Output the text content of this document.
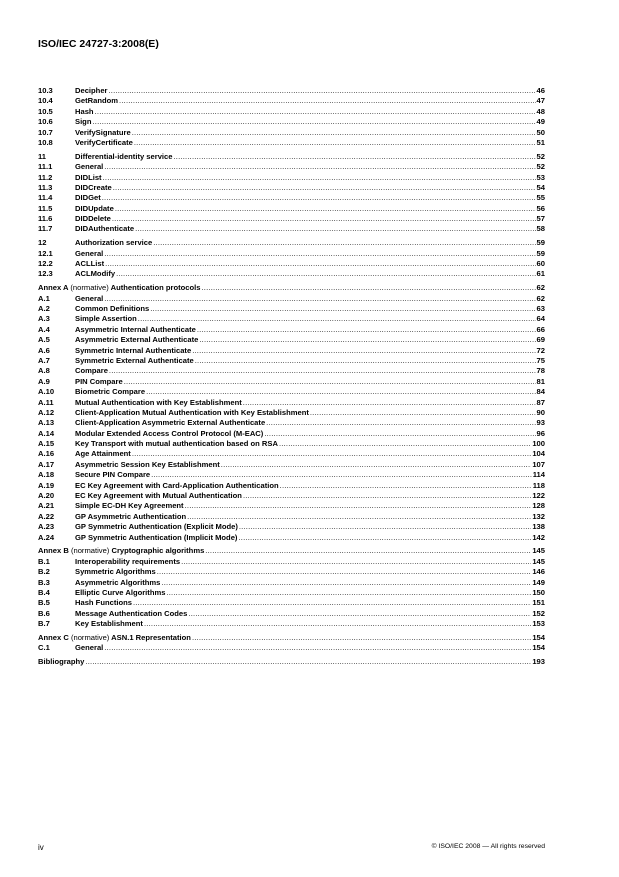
ISO/IEC 24727-3:2008(E)
10.3	Decipher .....	46
10.4	GetRandom .....	47
10.5	Hash .....	48
10.6	Sign .....	49
10.7	VerifySignature .....	50
10.8	VerifyCertificate .....	51
11	Differential-identity service .....	52
11.1	General .....	52
11.2	DIDList .....	53
11.3	DIDCreate .....	54
11.4	DIDGet .....	55
11.5	DIDUpdate .....	56
11.6	DIDDelete .....	57
11.7	DIDAuthenticate .....	58
12	Authorization service .....	59
12.1	General .....	59
12.2	ACLList .....	60
12.3	ACLModify .....	61
Annex A (normative) Authentication protocols .....	62
A.1	General .....	62
A.2	Common Definitions .....	63
A.3	Simple Assertion .....	64
A.4	Asymmetric Internal Authenticate .....	66
A.5	Asymmetric External Authenticate .....	69
A.6	Symmetric Internal Authenticate .....	72
A.7	Symmetric External Authenticate .....	75
A.8	Compare .....	78
A.9	PIN Compare .....	81
A.10	Biometric Compare .....	84
A.11	Mutual Authentication with Key Establishment .....	87
A.12	Client-Application Mutual Authentication with Key Establishment .....	90
A.13	Client-Application Asymmetric External Authenticate .....	93
A.14	Modular Extended Access Control Protocol (M-EAC) .....	96
A.15	Key Transport with mutual authentication based on RSA .....	100
A.16	Age Attainment .....	104
A.17	Asymmetric Session Key Establishment .....	107
A.18	Secure PIN Compare .....	114
A.19	EC Key Agreement with Card-Application Authentication .....	118
A.20	EC Key Agreement with Mutual Authentication .....	122
A.21	Simple EC-DH Key Agreement .....	128
A.22	GP Asymmetric Authentication .....	132
A.23	GP Symmetric Authentication (Explicit Mode) .....	138
A.24	GP Symmetric Authentication (Implicit Mode) .....	142
Annex B (normative) Cryptographic algorithms .....	145
B.1	Interoperability requirements .....	145
B.2	Symmetric Algorithms .....	146
B.3	Asymmetric Algorithms .....	149
B.4	Elliptic Curve Algorithms .....	150
B.5	Hash Functions .....	151
B.6	Message Authentication Codes .....	152
B.7	Key Establishment .....	153
Annex C (normative) ASN.1 Representation .....	154
C.1	General .....	154
Bibliography .....	193
iv	© ISO/IEC 2008 — All rights reserved
